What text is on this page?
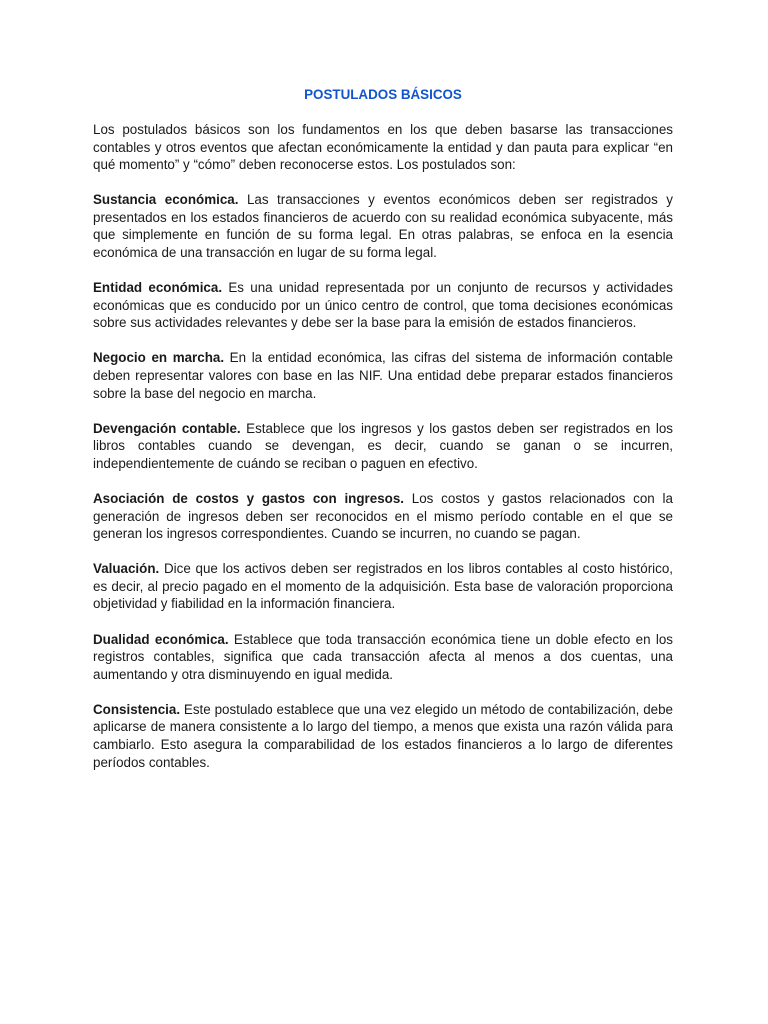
POSTULADOS BÁSICOS

Los postulados básicos son los fundamentos en los que deben basarse las transacciones contables y otros eventos que afectan económicamente la entidad y dan pauta para explicar “en qué momento” y “cómo” deben reconocerse estos. Los postulados son:

Sustancia económica. Las transacciones y eventos económicos deben ser registrados y presentados en los estados financieros de acuerdo con su realidad económica subyacente, más que simplemente en función de su forma legal. En otras palabras, se enfoca en la esencia económica de una transacción en lugar de su forma legal.

Entidad económica. Es una unidad representada por un conjunto de recursos y actividades económicas que es conducido por un único centro de control, que toma decisiones económicas sobre sus actividades relevantes y debe ser la base para la emisión de estados financieros.

Negocio en marcha. En la entidad económica, las cifras del sistema de información contable deben representar valores con base en las NIF. Una entidad debe preparar estados financieros sobre la base del negocio en marcha.

Devengación contable. Establece que los ingresos y los gastos deben ser registrados en los libros contables cuando se devengan, es decir, cuando se ganan o se incurren, independientemente de cuándo se reciban o paguen en efectivo.

Asociación de costos y gastos con ingresos. Los costos y gastos relacionados con la generación de ingresos deben ser reconocidos en el mismo período contable en el que se generan los ingresos correspondientes. Cuando se incurren, no cuando se pagan.

Valuación. Dice que los activos deben ser registrados en los libros contables al costo histórico, es decir, al precio pagado en el momento de la adquisición. Esta base de valoración proporciona objetividad y fiabilidad en la información financiera.

Dualidad económica. Establece que toda transacción económica tiene un doble efecto en los registros contables, significa que cada transacción afecta al menos a dos cuentas, una aumentando y otra disminuyendo en igual medida.

Consistencia. Este postulado establece que una vez elegido un método de contabilización, debe aplicarse de manera consistente a lo largo del tiempo, a menos que exista una razón válida para cambiarlo. Esto asegura la comparabilidad de los estados financieros a lo largo de diferentes períodos contables.
